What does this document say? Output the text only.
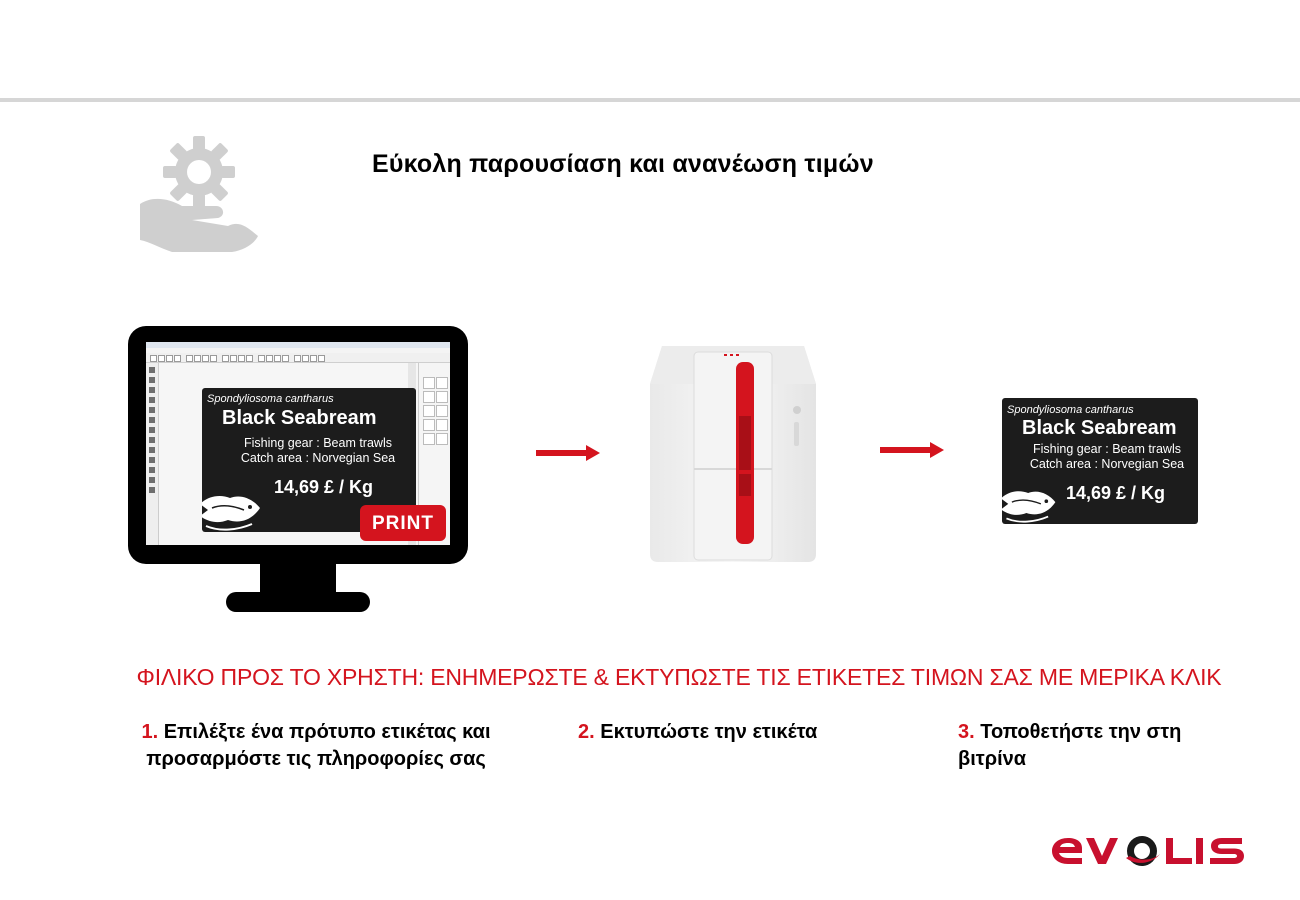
Εύκολη παρουσίαση και ανανέωση τιμών
Spondyliosoma cantharus
Black Seabream
Fishing gear : Beam trawls
Catch area : Norvegian Sea
14,69 £ / Kg
PRINT
Spondyliosoma cantharus
Black Seabream
Fishing gear : Beam trawls
Catch area : Norvegian Sea
14,69 £ / Kg
ΦΙΛΙΚΟ ΠΡΟΣ ΤΟ ΧΡΗΣΤΗ: ΕΝΗΜΕΡΩΣΤΕ & ΕΚΤΥΠΩΣΤΕ ΤΙΣ ΕΤΙΚΕΤΕΣ ΤΙΜΩΝ ΣΑΣ ΜΕ ΜΕΡΙΚΑ ΚΛΙΚ
1. Επιλέξτε ένα πρότυπο ετικέτας και
προσαρμόστε τις πληροφορίες σας
2. Εκτυπώστε την ετικέτα	3. Τοποθετήστε την στη
βιτρίνα
